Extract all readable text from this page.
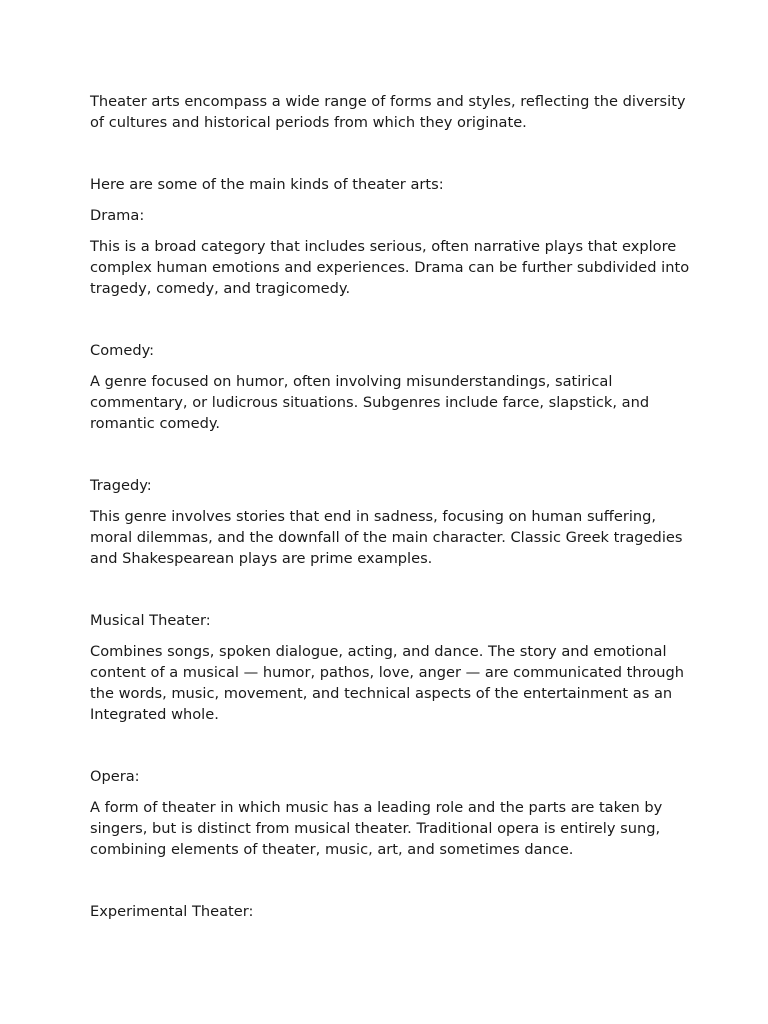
Theater arts encompass a wide range of forms and styles, reflecting the diversity of cultures and historical periods from which they originate.

Here are some of the main kinds of theater arts:

Drama:

This is a broad category that includes serious, often narrative plays that explore complex human emotions and experiences. Drama can be further subdivided into tragedy, comedy, and tragicomedy.

Comedy:

A genre focused on humor, often involving misunderstandings, satirical commentary, or ludicrous situations. Subgenres include farce, slapstick, and romantic comedy.

Tragedy:

This genre involves stories that end in sadness, focusing on human suffering, moral dilemmas, and the downfall of the main character. Classic Greek tragedies and Shakespearean plays are prime examples.

Musical Theater:

Combines songs, spoken dialogue, acting, and dance. The story and emotional content of a musical — humor, pathos, love, anger — are communicated through the words, music, movement, and technical aspects of the entertainment as an Integrated whole.

Opera:

A form of theater in which music has a leading role and the parts are taken by singers, but is distinct from musical theater. Traditional opera is entirely sung, combining elements of theater, music, art, and sometimes dance.

Experimental Theater:
